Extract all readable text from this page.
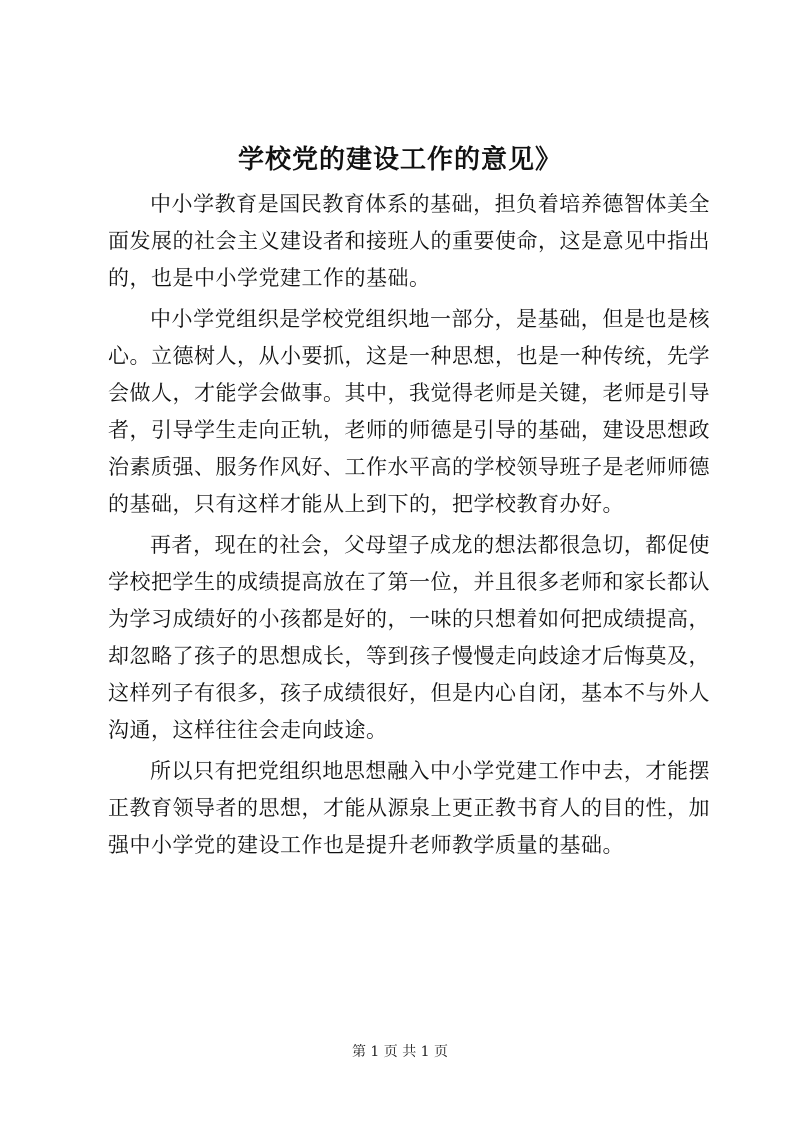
学校党的建设工作的意见》

中小学教育是国民教育体系的基础，担负着培养德智体美全面发展的社会主义建设者和接班人的重要使命，这是意见中指出的，也是中小学党建工作的基础。

中小学党组织是学校党组织地一部分，是基础，但是也是核心。立德树人，从小要抓，这是一种思想，也是一种传统，先学会做人，才能学会做事。其中，我觉得老师是关键，老师是引导者，引导学生走向正轨，老师的师德是引导的基础，建设思想政治素质强、服务作风好、工作水平高的学校领导班子是老师师德的基础，只有这样才能从上到下的，把学校教育办好。

再者，现在的社会，父母望子成龙的想法都很急切，都促使学校把学生的成绩提高放在了第一位，并且很多老师和家长都认为学习成绩好的小孩都是好的，一味的只想着如何把成绩提高，却忽略了孩子的思想成长，等到孩子慢慢走向歧途才后悔莫及，这样列子有很多，孩子成绩很好，但是内心自闭，基本不与外人沟通，这样往往会走向歧途。

所以只有把党组织地思想融入中小学党建工作中去，才能摆正教育领导者的思想，才能从源泉上更正教书育人的目的性，加强中小学党的建设工作也是提升老师教学质量的基础。

第 1 页 共 1 页
